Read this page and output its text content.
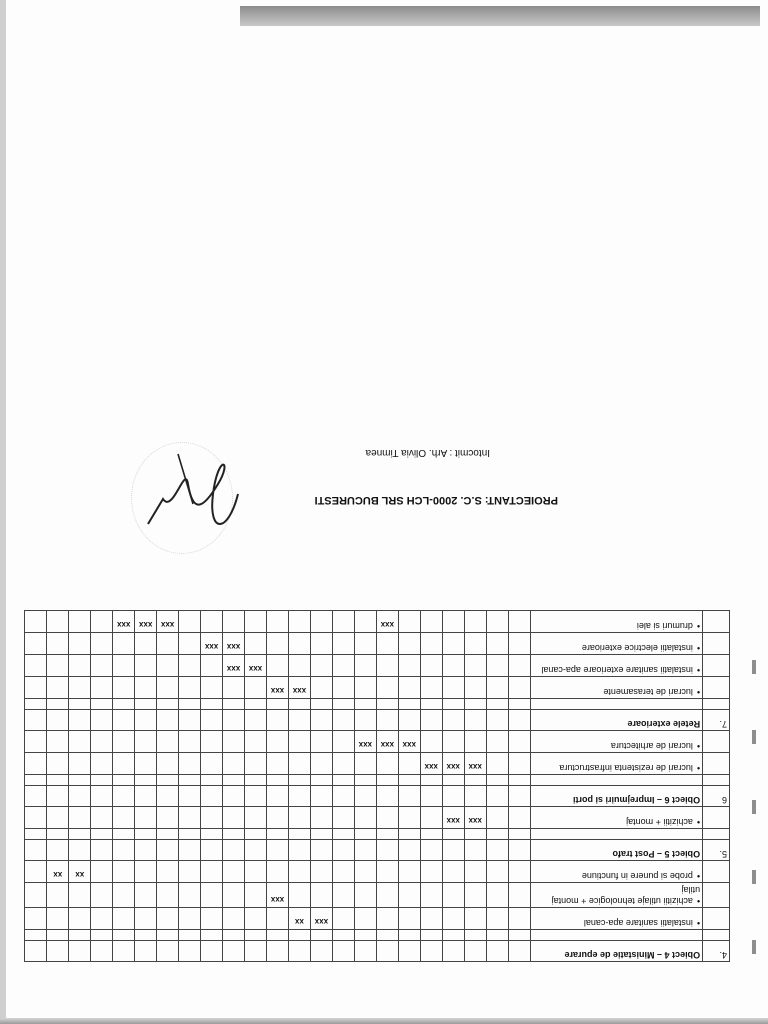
4.	Obiect 4 – Ministatie de epurare																							

	•instalatii sanitare apa-canal										xxx	xx												
	•achizitii utilaje tehnologice + montaj utilaj												xxx											
	•probe si punere in functiune																					xx	xx	
5.	Obiect 5 – Post trafo																							

	•achizitii + montaj			xxx	xxx																			
6	Obiect 6 – Imprejmuiri si porti																							

	•lucrari de rezistenta infrastructura			xxx	xxx	xxx																		
	•lucrari de arhitectura						xxx	xxx	xxx															
7.	Retele exterioare																							

	•lucrari de terasamente											xxx	xxx											
	•instalatii sanitare exterioare apa-canal													xxx	xxx									
	•instalatii electrice exterioare														xxx	xxx								
	•drumuri si alei							xxx										xxx	xxx	xxx				
PROIECTANT: S.C. 2000-LCH SRL BUCURESTI
Intocmit : Arh. Olivia Timnea
